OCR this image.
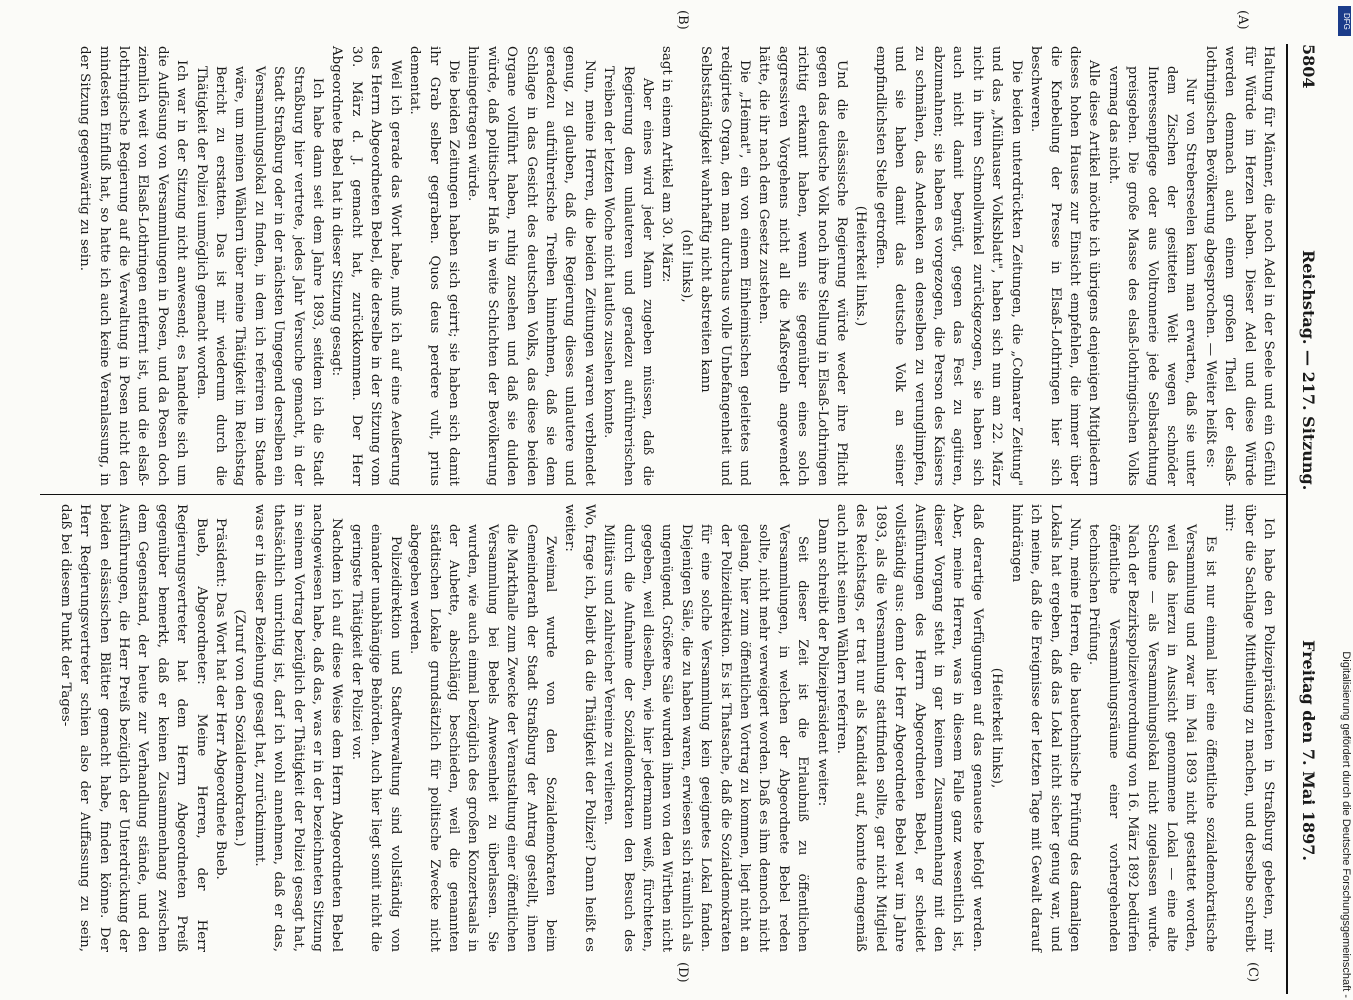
5804
Reichstag. — 217. Sitzung.
Freitag den 7. Mai 1897.
(A)
(B)
(C)
(D)

Haltung für Männer, die noch Adel in der Seele und ein Gefühl für Würde im Herzen haben. Dieser Adel und diese Würde werden demnach auch einem großen Theil der elsaß-lothringischen Bevölkerung abgesprochen. — Weiter heißt es:

Nur von Streberseelen kann man erwarten, daß sie unter dem Zischen der gesitteten Welt wegen schnöder Interessenpflege oder aus Voltronnerie jede Selbstachtung preisgeben. Die große Masse des elsaß-lothringischen Volks vermag das nicht.

Alle diese Artikel möchte ich übrigens denjenigen Mitgliedern dieses hohen Hauses zur Einsicht empfehlen, die immer über die Knebelung der Presse in Elsaß-Lothringen hier sich beschweren.

Die beiden unterdrückten Zeitungen, die „Colmarer Zeitung" und das „Mülhauser Volksblatt", haben sich nun am 22. März nicht in ihren Schmollwinkel zurückgezogen, sie haben sich auch nicht damit begnügt, gegen das Fest zu agitiren, abzumahnen; sie haben es vorgezogen, die Person des Kaisers zu schmähen, das Andenken an denselben zu verunglimpfen, und sie haben damit das deutsche Volk an seiner empfindlichsten Stelle getroffen.

(Heiterkeit links.)

Und die elsässische Regierung würde weder ihre Pflicht gegen das deutsche Volk noch ihre Stellung in Elsaß-Lothringen richtig erkannt haben, wenn sie gegenüber eines solch aggressiven Vorgehens nicht all die Maßregeln angewendet hätte, die ihr nach dem Gesetz zustehen.

Die „Heimat", ein von einem Einheimischen geleitetes und redigirtes Organ, den man durchaus volle Unbefangenheit und Selbstständigkeit wahrhaftig nicht abstreiten kann

(oh! links),

sagt in einem Artikel am 30. März:

Aber eines wird jeder Mann zugeben müssen, daß die Regierung dem unlauteren und geradezu aufrührerischen Treiben der letzten Woche nicht lautlos zusehen konnte.

Nun, meine Herren, die beiden Zeitungen waren verblendet genug, zu glauben, daß die Regierung dieses unlautere und geradezu aufrührerische Treiben hinnehmen, daß sie dem Schlage in das Gesicht des deutschen Volks, das diese beiden Organe vollführt haben, ruhig zusehen und daß sie dulden würde, daß politischer Haß in weite Schichten der Bevölkerung hineingetragen würde.

Die beiden Zeitungen haben sich geirrt; sie haben sich damit ihr Grab selber gegraben. Quos deus perdere vult, prius dementat.

Weil ich gerade das Wort habe, muß ich auf eine Aeußerung des Herrn Abgeordneten Bebel, die derselbe in der Sitzung vom 30. März d. J. gemacht hat, zurückkommen. Der Herr Abgeordnete Bebel hat in dieser Sitzung gesagt:

Ich habe dann seit dem Jahre 1893, seitdem ich die Stadt Straßburg hier vertrete, jedes Jahr Versuche gemacht, in der Stadt Straßburg oder in der nächsten Umgegend derselben ein Versammlungslokal zu finden, in dem ich referiren im Stande wäre, um meinen Wählern über meine Thätigkeit im Reichstag Bericht zu erstatten. Das ist mir wiederum durch die Thätigkeit der Polizei unmöglich gemacht worden.

Ich war in der Sitzung nicht anwesend; es handelte sich um die Auflösung von Versammlungen in Posen, und da Posen doch ziemlich weit von Elsaß-Lothringen entfernt ist, und die elsaß-lothringische Regierung auf die Verwaltung in Posen nicht den mindesten Einfluß hat, so hatte ich auch keine Veranlassung, in der Sitzung gegenwärtig zu sein.

Ich habe den Polizeipräsidenten in Straßburg gebeten, mir über die Sachlage Mittheilung zu machen, und derselbe schreibt mir:

Es ist nur einmal hier eine öffentliche sozialdemokratische Versammlung und zwar im Mai 1893 nicht gestattet worden, weil das hierzu in Aussicht genommene Lokal — eine alte Scheune — als Versammlungslokal nicht zugelassen wurde. Nach der Bezirkspolizeiverordnung von 16. März 1892 bedürfen öffentliche Versammlungsräume einer vorhergehenden technischen Prüfung.

Nun, meine Herren, die bautechnische Prüfung des damaligen Lokals hat ergeben, daß das Lokal nicht sicher genug war, und ich meine, daß die Ereignisse der letzten Tage mit Gewalt darauf hindrängen

(Heiterkeit links),

daß derartige Verfügungen auf das genaueste befolgt werden. Aber, meine Herren, was in diesem Falle ganz wesentlich ist, dieser Vorgang steht in gar keinem Zusammenhang mit den Ausführungen des Herrn Abgeordneten Bebel, er scheidet vollständig aus: denn der Herr Abgeordnete Bebel war im Jahre 1893, als die Versammlung stattfinden sollte, gar nicht Mitglied des Reichstags, er trat nur als Kandidat auf, konnte demgemäß auch nicht seinen Wählern referiren.

Dann schreibt der Polizeipräsident weiter:

Seit dieser Zeit ist die Erlaubniß zu öffentlichen Versammlungen, in welchen der Abgeordnete Bebel reden sollte, nicht mehr verweigert worden. Daß es ihm dennoch nicht gelang, hier zum öffentlichen Vortrag zu kommen, liegt nicht an der Polizeidirektion. Es ist Thatsache, daß die Sozialdemokraten für eine solche Versammlung kein geeignetes Lokal fanden. Diejenigen Säle, die zu haben waren, erwiesen sich räumlich als ungenügend. Größere Säle wurden ihnen von den Wirthen nicht gegeben, weil dieselben, wie hier jedermann weiß, fürchteten, durch die Aufnahme der Sozialdemokraten den Besuch des Militärs und zahlreicher Vereine zu verlieren.

Wo, frage ich, bleibt da die Thätigkeit der Polizei? Dann heißt es weiter:

Zweimal wurde von den Sozialdemokraten beim Gemeinderath der Stadt Straßburg der Antrag gestellt, ihnen die Markthalle zum Zwecke der Veranstaltung einer öffentlichen Versammlung bei Bebels Anwesenheit zu überlassen. Sie wurden, wie auch einmal bezüglich des großen Konzertsaals in der Aubette, abschlägig beschieden, weil die genannten städtischen Lokale grundsätzlich für politische Zwecke nicht abgegeben werden.

Polizeidirektion und Stadtverwaltung sind vollständig von einander unabhängige Behörden. Auch hier liegt somit nicht die geringste Thätigkeit der Polizei vor.

Nachdem ich auf diese Weise dem Herrn Abgeordneten Bebel nachgewiesen habe, daß das, was er in der bezeichneten Sitzung in seinem Vortrag bezüglich der Thätigkeit der Polizei gesagt hat, thatsächlich unrichtig ist, darf ich wohl annehmen, daß er das, was er in dieser Beziehung gesagt hat, zurücknimmt.

(Zuruf von den Sozialdemokraten.)

Präsident: Das Wort hat der Herr Abgeordnete Bueb.

Bueb, Abgeordneter: Meine Herren, der Herr Regierungsvertreter hat dem Herrn Abgeordneten Preiß gegenüber bemerkt, daß er keinen Zusammenhang zwischen dem Gegenstand, der heute zur Verhandlung stände, und den Ausführungen, die Herr Preiß bezüglich der Unterdrückung der beiden elsässischen Blätter gemacht habe, finden könne. Der Herr Regierungsvertreter schien also der Auffassung zu sein, daß bei diesem Punkt der Tages-

DFG
Digitalisierung gefördert durch die Deutsche Forschungsgemeinschaft -
